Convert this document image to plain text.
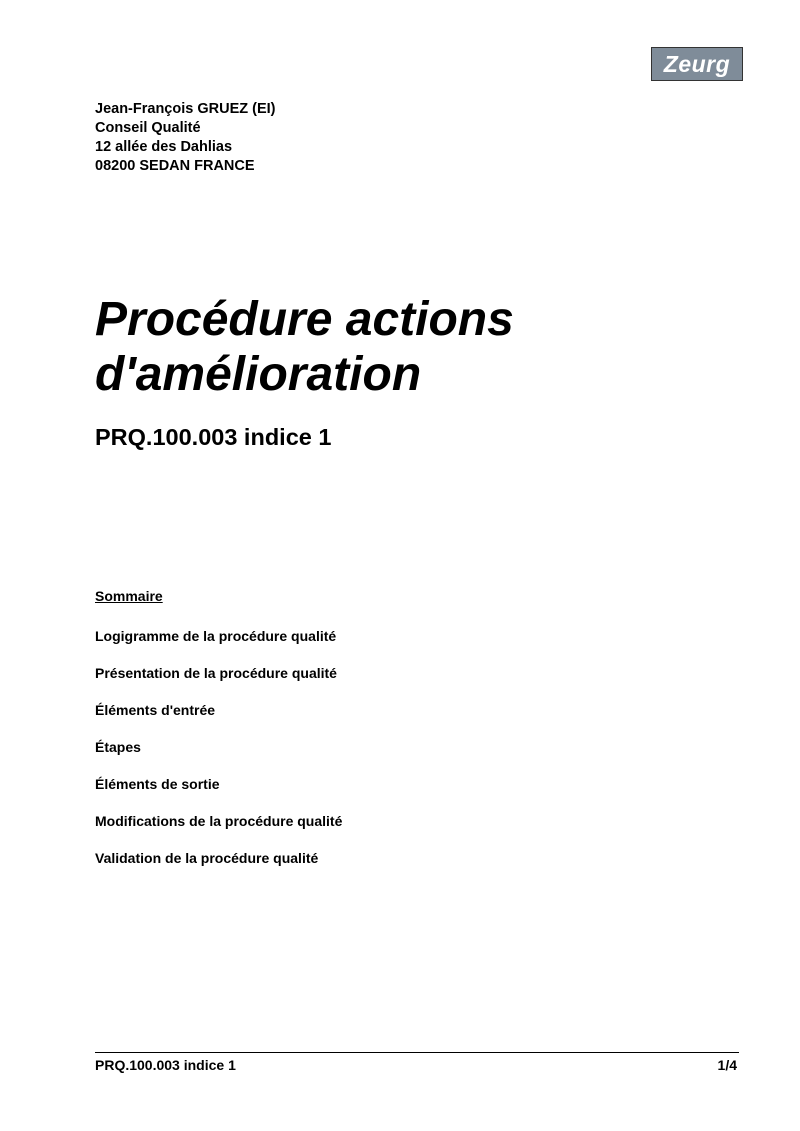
Zeurg
Jean-François GRUEZ (EI)
Conseil Qualité
12 allée des Dahlias
08200 SEDAN FRANCE
Procédure actions
d'amélioration
PRQ.100.003 indice 1
Sommaire
Logigramme de la procédure qualité
Présentation de la procédure qualité
Éléments d'entrée
Étapes
Éléments de sortie
Modifications de la procédure qualité
Validation de la procédure qualité
PRQ.100.003 indice 1	1/4
